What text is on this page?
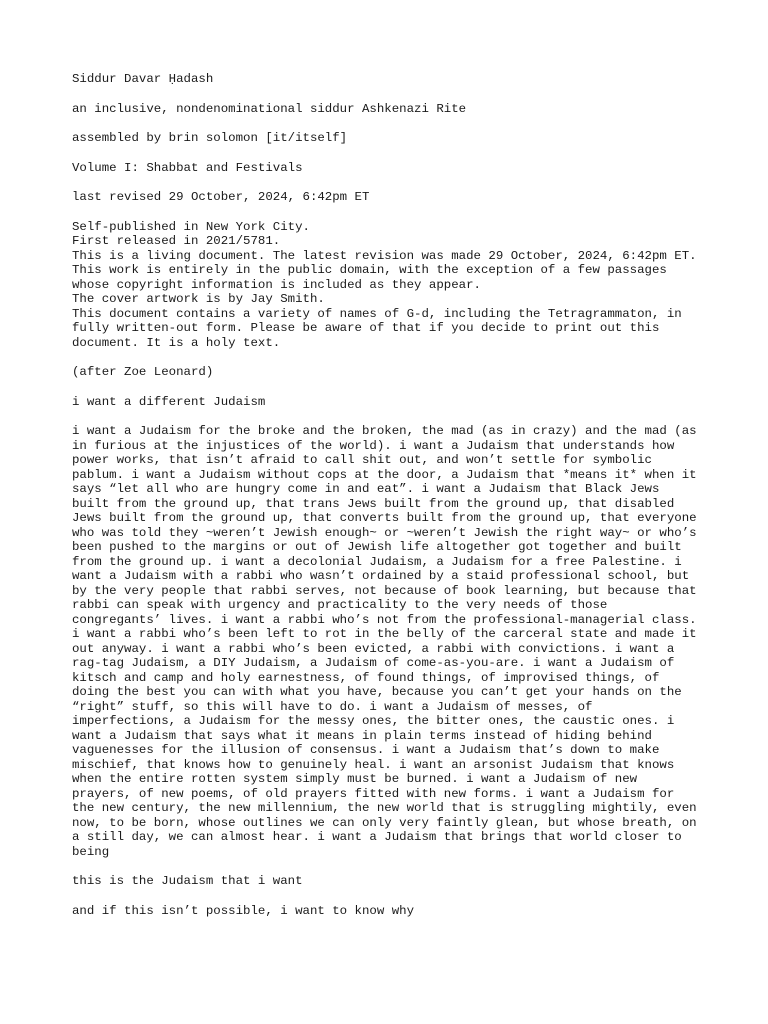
Siddur Davar Ḥadash

an inclusive, nondenominational siddur Ashkenazi Rite

assembled by brin solomon [it/itself]

Volume I: Shabbat and Festivals

last revised 29 October, 2024, 6:42pm ET

Self-published in New York City.
First released in 2021/5781.
This is a living document. The latest revision was made 29 October, 2024, 6:42pm ET.
This work is entirely in the public domain, with the exception of a few passages whose copyright information is included as they appear.
The cover artwork is by Jay Smith.
This document contains a variety of names of G-d, including the Tetragrammaton, in fully written-out form. Please be aware of that if you decide to print out this document. It is a holy text.

(after Zoe Leonard)

i want a different Judaism

i want a Judaism for the broke and the broken, the mad (as in crazy) and the mad (as in furious at the injustices of the world). i want a Judaism that understands how power works, that isn’t afraid to call shit out, and won’t settle for symbolic pablum. i want a Judaism without cops at the door, a Judaism that *means it* when it says “let all who are hungry come in and eat”. i want a Judaism that Black Jews built from the ground up, that trans Jews built from the ground up, that disabled Jews built from the ground up, that converts built from the ground up, that everyone who was told they ~weren’t Jewish enough~ or ~weren’t Jewish the right way~ or who’s been pushed to the margins or out of Jewish life altogether got together and built from the ground up. i want a decolonial Judaism, a Judaism for a free Palestine. i want a Judaism with a rabbi who wasn’t ordained by a staid professional school, but by the very people that rabbi serves, not because of book learning, but because that rabbi can speak with urgency and practicality to the very needs of those congregants’ lives. i want a rabbi who’s not from the professional-managerial class. i want a rabbi who’s been left to rot in the belly of the carceral state and made it out anyway. i want a rabbi who’s been evicted, a rabbi with convictions. i want a rag-tag Judaism, a DIY Judaism, a Judaism of come-as-you-are. i want a Judaism of kitsch and camp and holy earnestness, of found things, of improvised things, of doing the best you can with what you have, because you can’t get your hands on the “right” stuff, so this will have to do. i want a Judaism of messes, of imperfections, a Judaism for the messy ones, the bitter ones, the caustic ones. i want a Judaism that says what it means in plain terms instead of hiding behind vaguenesses for the illusion of consensus. i want a Judaism that’s down to make mischief, that knows how to genuinely heal. i want an arsonist Judaism that knows when the entire rotten system simply must be burned. i want a Judaism of new prayers, of new poems, of old prayers fitted with new forms. i want a Judaism for the new century, the new millennium, the new world that is struggling mightily, even now, to be born, whose outlines we can only very faintly glean, but whose breath, on a still day, we can almost hear. i want a Judaism that brings that world closer to being

this is the Judaism that i want

and if this isn’t possible, i want to know why
